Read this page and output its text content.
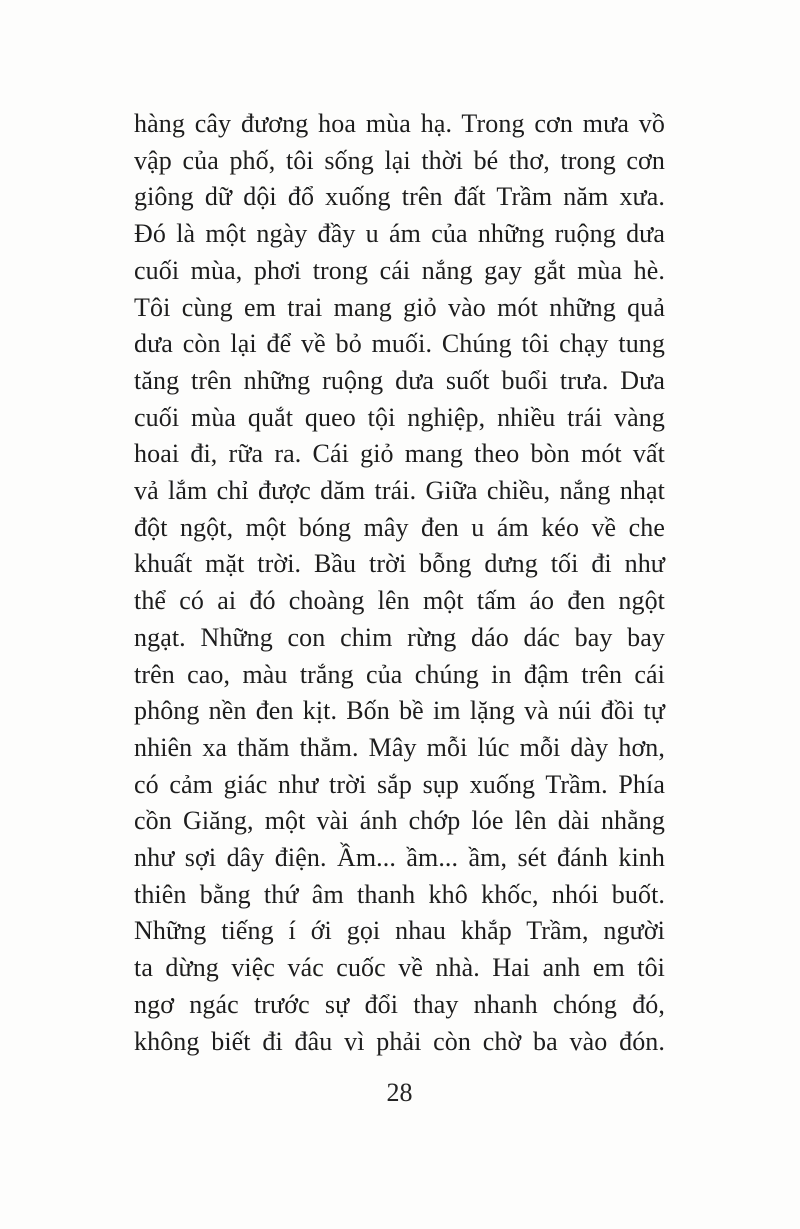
hàng cây đương hoa mùa hạ. Trong cơn mưa vồ
vập của phố, tôi sống lại thời bé thơ, trong cơn
giông dữ dội đổ xuống trên đất Trầm năm xưa.
Đó là một ngày đầy u ám của những ruộng dưa
cuối mùa, phơi trong cái nắng gay gắt mùa hè.
Tôi cùng em trai mang giỏ vào mót những quả
dưa còn lại để về bỏ muối. Chúng tôi chạy tung
tăng trên những ruộng dưa suốt buổi trưa. Dưa
cuối mùa quắt queo tội nghiệp, nhiều trái vàng
hoai đi, rữa ra. Cái giỏ mang theo bòn mót vất
vả lắm chỉ được dăm trái. Giữa chiều, nắng nhạt
đột ngột, một bóng mây đen u ám kéo về che
khuất mặt trời. Bầu trời bỗng dưng tối đi như
thể có ai đó choàng lên một tấm áo đen ngột
ngạt. Những con chim rừng dáo dác bay bay
trên cao, màu trắng của chúng in đậm trên cái
phông nền đen kịt. Bốn bề im lặng và núi đồi tự
nhiên xa thăm thẳm. Mây mỗi lúc mỗi dày hơn,
có cảm giác như trời sắp sụp xuống Trầm. Phía
cồn Giăng, một vài ánh chớp lóe lên dài nhằng
như sợi dây điện. Ầm... ầm... ầm, sét đánh kinh
thiên bằng thứ âm thanh khô khốc, nhói buốt.
Những tiếng í ới gọi nhau khắp Trầm, người
ta dừng việc vác cuốc về nhà. Hai anh em tôi
ngơ ngác trước sự đổi thay nhanh chóng đó,
không biết đi đâu vì phải còn chờ ba vào đón.
28
